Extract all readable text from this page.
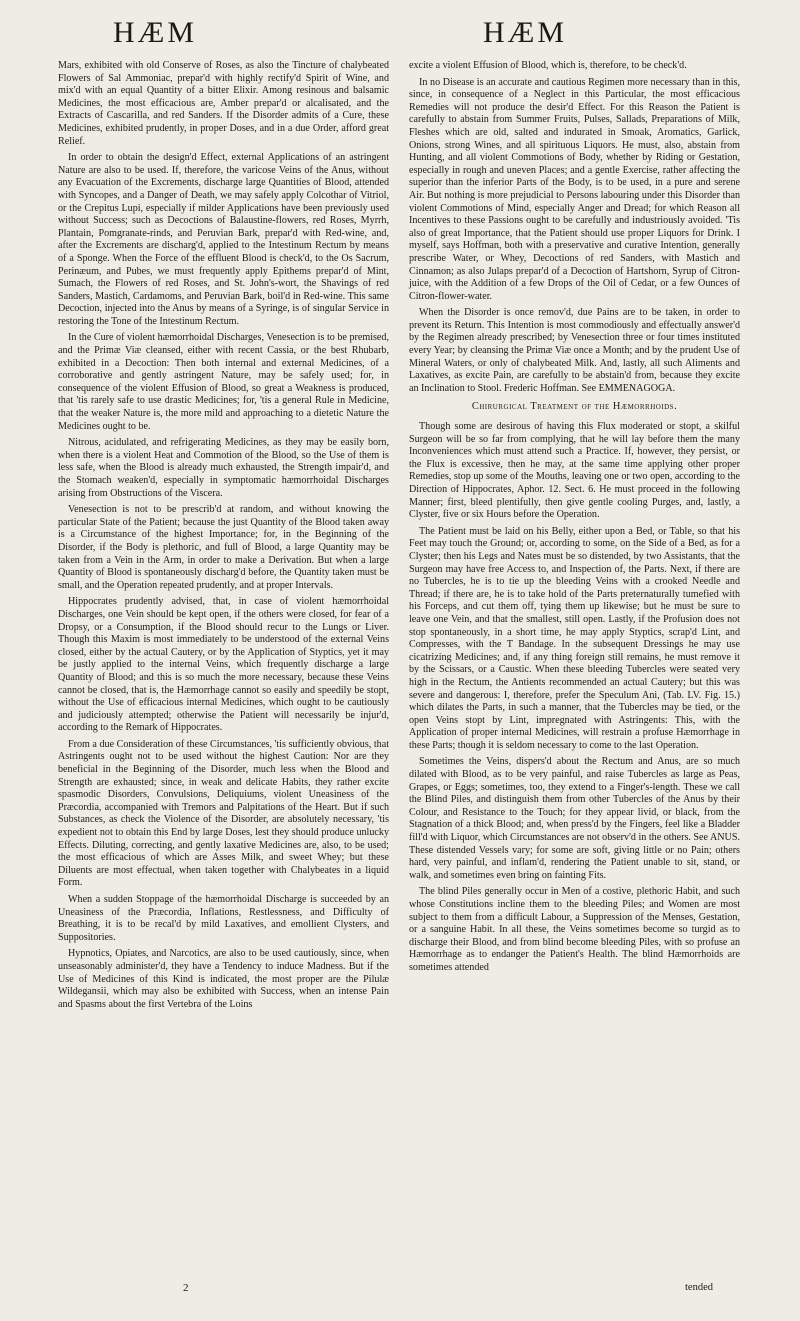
HÆM	HÆM

Mars, exhibited with old Conserve of Roses, as also the Tincture of chalybeated Flowers of Sal Ammoniac, prepar'd with highly rectify'd Spirit of Wine, and mix'd with an equal Quantity of a bitter Elixir. Among resinous and balsamic Medicines, the most efficacious are, Amber prepar'd or alcalisated, and the Extracts of Cascarilla, and red Sanders. If the Disorder admits of a Cure, these Medicines, exhibited prudently, in proper Doses, and in a due Order, afford great Relief.

In order to obtain the design'd Effect, external Applications of an astringent Nature are also to be used. If, therefore, the varicose Veins of the Anus, without any Evacuation of the Excrements, discharge large Quantities of Blood, attended with Syncopes, and a Danger of Death, we may safely apply Colcothar of Vitriol, or the Crepitus Lupi, especially if milder Applications have been previously used without Success; such as Decoctions of Balaustine-flowers, red Roses, Myrrh, Plantain, Pomgranate-rinds, and Peruvian Bark, prepar'd with Red-wine, and, after the Excrements are discharg'd, applied to the Intestinum Rectum by means of a Sponge. When the Force of the effluent Blood is check'd, to the Os Sacrum, Perinæum, and Pubes, we must frequently apply Epithems prepar'd of Mint, Sumach, the Flowers of red Roses, and St. John's-wort, the Shavings of red Sanders, Mastich, Cardamoms, and Peruvian Bark, boil'd in Red-wine. This same Decoction, injected into the Anus by means of a Syringe, is of singular Service in restoring the Tone of the Intestinum Rectum.

In the Cure of violent hæmorrhoidal Discharges, Venesection is to be premised, and the Primæ Viæ cleansed, either with recent Cassia, or the best Rhubarb, exhibited in a Decoction: Then both internal and external Medicines, of a corroborative and gently astringent Nature, may be safely used; for, in consequence of the violent Effusion of Blood, so great a Weakness is produced, that 'tis rarely safe to use drastic Medicines; for, 'tis a general Rule in Medicine, that the weaker Nature is, the more mild and approaching to a dietetic Nature the Medicines ought to be.

Nitrous, acidulated, and refrigerating Medicines, as they may be easily born, when there is a violent Heat and Commotion of the Blood, so the Use of them is less safe, when the Blood is already much exhausted, the Strength impair'd, and the Stomach weaken'd, especially in symptomatic hæmorrhoidal Discharges arising from Obstructions of the Viscera.

Venesection is not to be prescrib'd at random, and without knowing the particular State of the Patient; because the just Quantity of the Blood taken away is a Circumstance of the highest Importance; for, in the Beginning of the Disorder, if the Body is plethoric, and full of Blood, a large Quantity may be taken from a Vein in the Arm, in order to make a Derivation. But when a large Quantity of Blood is spontaneously discharg'd before, the Quantity taken must be small, and the Operation repeated prudently, and at proper Intervals.

Hippocrates prudently advised, that, in case of violent hæmorrhoidal Discharges, one Vein should be kept open, if the others were closed, for fear of a Dropsy, or a Consumption, if the Blood should recur to the Lungs or Liver. Though this Maxim is most immediately to be understood of the external Veins closed, either by the actual Cautery, or by the Application of Styptics, yet it may be justly applied to the internal Veins, which frequently discharge a large Quantity of Blood; and this is so much the more necessary, because these Veins cannot be closed, that is, the Hæmorrhage cannot so easily and speedily be stopt, without the Use of efficacious internal Medicines, which ought to be cautiously and judiciously attempted; otherwise the Patient will necessarily be injur'd, according to the Remark of Hippocrates.

From a due Consideration of these Circumstances, 'tis sufficiently obvious, that Astringents ought not to be used without the highest Caution: Nor are they beneficial in the Beginning of the Disorder, much less when the Blood and Strength are exhausted; since, in weak and delicate Habits, they rather excite spasmodic Disorders, Convulsions, Deliquiums, violent Uneasiness of the Præcordia, accompanied with Tremors and Palpitations of the Heart. But if such Substances, as check the Violence of the Disorder, are absolutely necessary, 'tis expedient not to obtain this End by large Doses, lest they should produce unlucky Effects. Diluting, correcting, and gently laxative Medicines are, also, to be used; the most efficacious of which are Asses Milk, and sweet Whey; but these Diluents are most effectual, when taken together with Chalybeates in a liquid Form.

When a sudden Stoppage of the hæmorrhoidal Discharge is succeeded by an Uneasiness of the Præcordia, Inflations, Restlessness, and Difficulty of Breathing, it is to be recal'd by mild Laxatives, and emollient Clysters, and Suppositories.

Hypnotics, Opiates, and Narcotics, are also to be used cautiously, since, when unseasonably administer'd, they have a Tendency to induce Madness. But if the Use of Medicines of this Kind is indicated, the most proper are the Pilulæ Wildegansii, which may also be exhibited with Success, when an intense Pain and Spasms about the first Vertebra of the Loins

excite a violent Effusion of Blood, which is, therefore, to be check'd.

In no Disease is an accurate and cautious Regimen more necessary than in this, since, in consequence of a Neglect in this Particular, the most efficacious Remedies will not produce the desir'd Effect. For this Reason the Patient is carefully to abstain from Summer Fruits, Pulses, Sallads, Preparations of Milk, Fleshes which are old, salted and indurated in Smoak, Aromatics, Garlick, Onions, strong Wines, and all spirituous Liquors. He must, also, abstain from Hunting, and all violent Commotions of Body, whether by Riding or Gestation, especially in rough and uneven Places; and a gentle Exercise, rather affecting the superior than the inferior Parts of the Body, is to be used, in a pure and serene Air. But nothing is more prejudicial to Persons labouring under this Disorder than violent Commotions of Mind, especially Anger and Dread; for which Reason all Incentives to these Passions ought to be carefully and industriously avoided. 'Tis also of great Importance, that the Patient should use proper Liquors for Drink. I myself, says Hoffman, both with a preservative and curative Intention, generally prescribe Water, or Whey, Decoctions of red Sanders, with Mastich and Cinnamon; as also Julaps prepar'd of a Decoction of Hartshorn, Syrup of Citron-juice, with the Addition of a few Drops of the Oil of Cedar, or a few Ounces of Citron-flower-water.

When the Disorder is once remov'd, due Pains are to be taken, in order to prevent its Return. This Intention is most commodiously and effectually answer'd by the Regimen already prescribed; by Venesection three or four times instituted every Year; by cleansing the Primæ Viæ once a Month; and by the prudent Use of Mineral Waters, or only of chalybeated Milk. And, lastly, all such Aliments and Laxatives, as excite Pain, are carefully to be abstain'd from, because they excite an Inclination to Stool. Frederic Hoffman. See EMMENAGOGA.

Chirurgical Treatment of the Hæmorrhoids.

Though some are desirous of having this Flux moderated or stopt, a skilful Surgeon will be so far from complying, that he will lay before them the many Inconveniences which must attend such a Practice. If, however, they persist, or the Flux is excessive, then he may, at the same time applying other proper Remedies, stop up some of the Mouths, leaving one or two open, according to the Direction of Hippocrates, Aphor. 12. Sect. 6. He must proceed in the following Manner; first, bleed plentifully, then give gentle cooling Purges, and, lastly, a Clyster, five or six Hours before the Operation.

The Patient must be laid on his Belly, either upon a Bed, or Table, so that his Feet may touch the Ground; or, according to some, on the Side of a Bed, as for a Clyster; then his Legs and Nates must be so distended, by two Assistants, that the Surgeon may have free Access to, and Inspection of, the Parts. Next, if there are no Tubercles, he is to tie up the bleeding Veins with a crooked Needle and Thread; if there are, he is to take hold of the Parts preternaturally tumefied with his Forceps, and cut them off, tying them up likewise; but he must be sure to leave one Vein, and that the smallest, still open. Lastly, if the Profusion does not stop spontaneously, in a short time, he may apply Styptics, scrap'd Lint, and Compresses, with the T Bandage. In the subsequent Dressings he may use cicatrizing Medicines; and, if any thing foreign still remains, he must remove it by the Scissars, or a Caustic. When these bleeding Tubercles were seated very high in the Rectum, the Antients recommended an actual Cautery; but this was severe and dangerous: I, therefore, prefer the Speculum Ani, (Tab. LV. Fig. 15.) which dilates the Parts, in such a manner, that the Tubercles may be tied, or the open Veins stopt by Lint, impregnated with Astringents: This, with the Application of proper internal Medicines, will restrain a profuse Hæmorrhage in these Parts; though it is seldom necessary to come to the last Operation.

Sometimes the Veins, dispers'd about the Rectum and Anus, are so much dilated with Blood, as to be very painful, and raise Tubercles as large as Peas, Grapes, or Eggs; sometimes, too, they extend to a Finger's-length. These we call the Blind Piles, and distinguish them from other Tubercles of the Anus by their Colour, and Resistance to the Touch; for they appear livid, or black, from the Stagnation of a thick Blood; and, when press'd by the Fingers, feel like a Bladder fill'd with Liquor, which Circumstances are not observ'd in the others. See ANUS. These distended Vessels vary; for some are soft, giving little or no Pain; others hard, very painful, and inflam'd, rendering the Patient unable to sit, stand, or walk, and sometimes even bring on fainting Fits.

The blind Piles generally occur in Men of a costive, plethoric Habit, and such whose Constitutions incline them to the bleeding Piles; and Women are most subject to them from a difficult Labour, a Suppression of the Menses, Gestation, or a sanguine Habit. In all these, the Veins sometimes become so turgid as to discharge their Blood, and from blind become bleeding Piles, with so profuse an Hæmorrhage as to endanger the Patient's Health. The blind Hæmorrhoids are sometimes attended

2	tended
